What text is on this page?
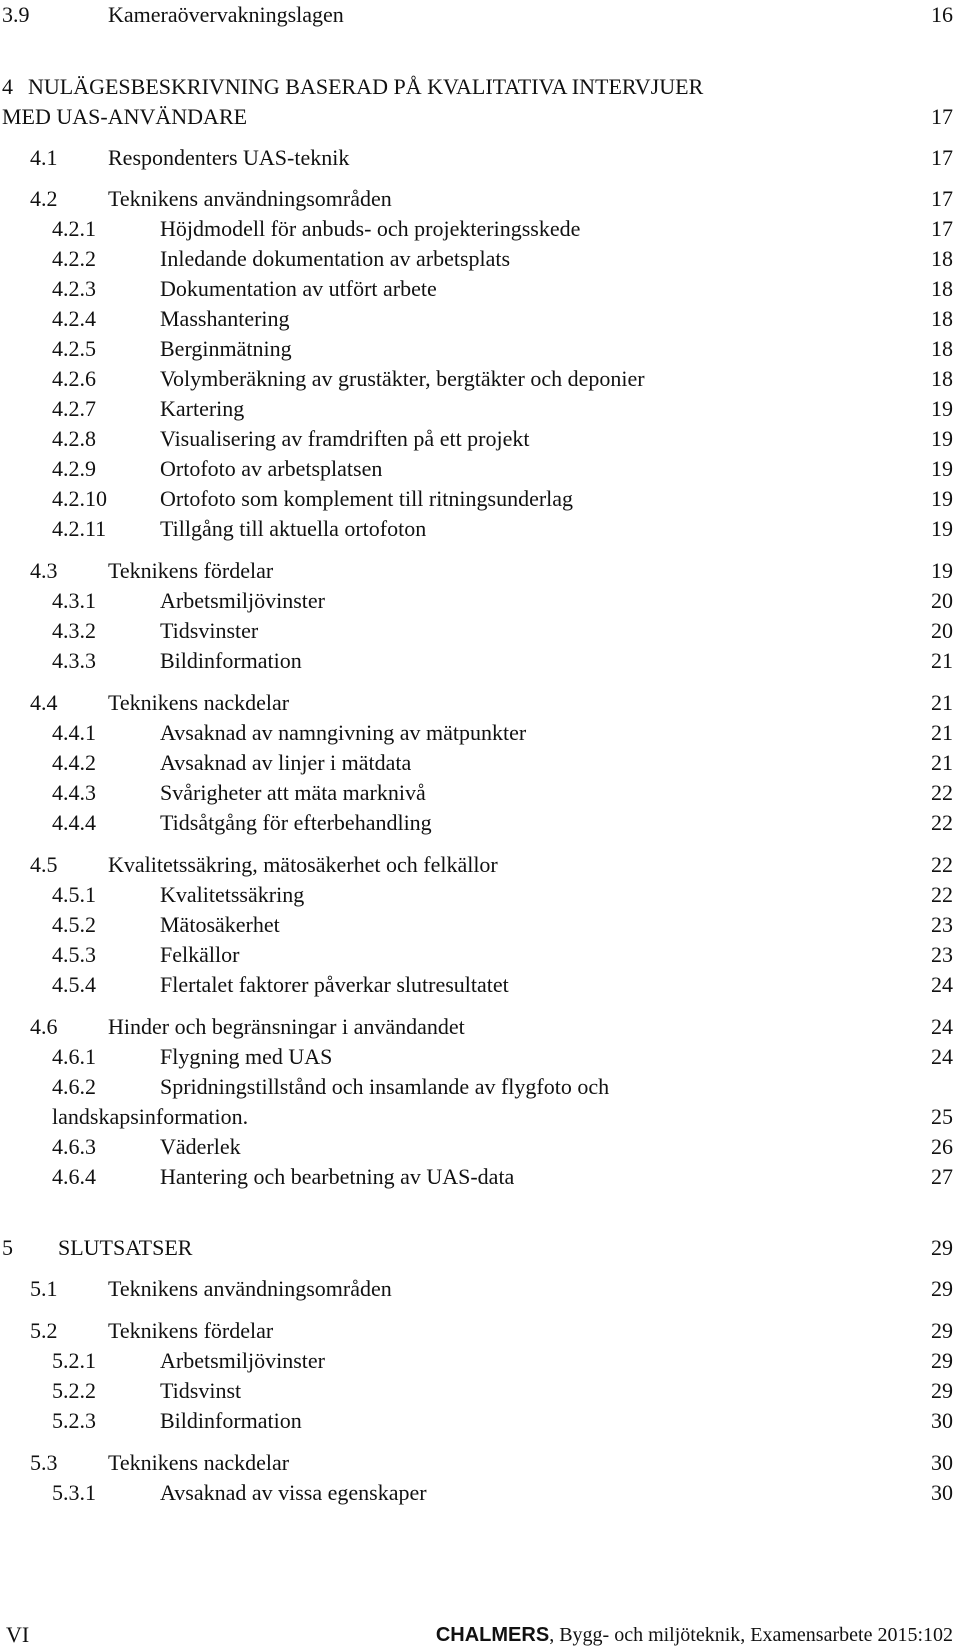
3.9	Kameraövervakningslagen	16
4 NULÄGESBESKRIVNING BASERAD PÅ KVALITATIVA INTERVJUER
MED UAS-ANVÄNDARE	17
4.1 Respondenters UAS-teknik	17
4.2 Teknikens användningsområden	17
4.2.1	Höjdmodell för anbuds- och projekteringsskede	17
4.2.2	Inledande dokumentation av arbetsplats	18
4.2.3	Dokumentation av utfört arbete	18
4.2.4	Masshantering	18
4.2.5	Berginmätning	18
4.2.6	Volymberäkning av grustäkter, bergtäkter och deponier	18
4.2.7	Kartering	19
4.2.8	Visualisering av framdriften på ett projekt	19
4.2.9	Ortofoto av arbetsplatsen	19
4.2.10 Ortofoto som komplement till ritningsunderlag	19
4.2.11 Tillgång till aktuella ortofoton	19
4.3 Teknikens fördelar	19
4.3.1	Arbetsmiljövinster	20
4.3.2	Tidsvinster	20
4.3.3	Bildinformation	21
4.4 Teknikens nackdelar	21
4.4.1	Avsaknad av namngivning av mätpunkter	21
4.4.2	Avsaknad av linjer i mätdata	21
4.4.3	Svårigheter att mäta marknivå	22
4.4.4	Tidsåtgång för efterbehandling	22
4.5 Kvalitetssäkring, mätosäkerhet och felkällor	22
4.5.1	Kvalitetssäkring	22
4.5.2	Mätosäkerhet	23
4.5.3	Felkällor	23
4.5.4	Flertalet faktorer påverkar slutresultatet	24
4.6 Hinder och begränsningar i användandet	24
4.6.1	Flygning med UAS	24
4.6.2	Spridningstillstånd och insamlande av flygfoto och
landskapsinformation.	25
4.6.3	Väderlek	26
4.6.4	Hantering och bearbetning av UAS-data	27
5 SLUTSATSER	29
5.1 Teknikens användningsområden	29
5.2 Teknikens fördelar	29
5.2.1	Arbetsmiljövinster	29
5.2.2	Tidsvinst	29
5.2.3	Bildinformation	30
5.3 Teknikens nackdelar	30
5.3.1	Avsaknad av vissa egenskaper	30
VI	CHALMERS, Bygg- och miljöteknik, Examensarbete 2015:102
